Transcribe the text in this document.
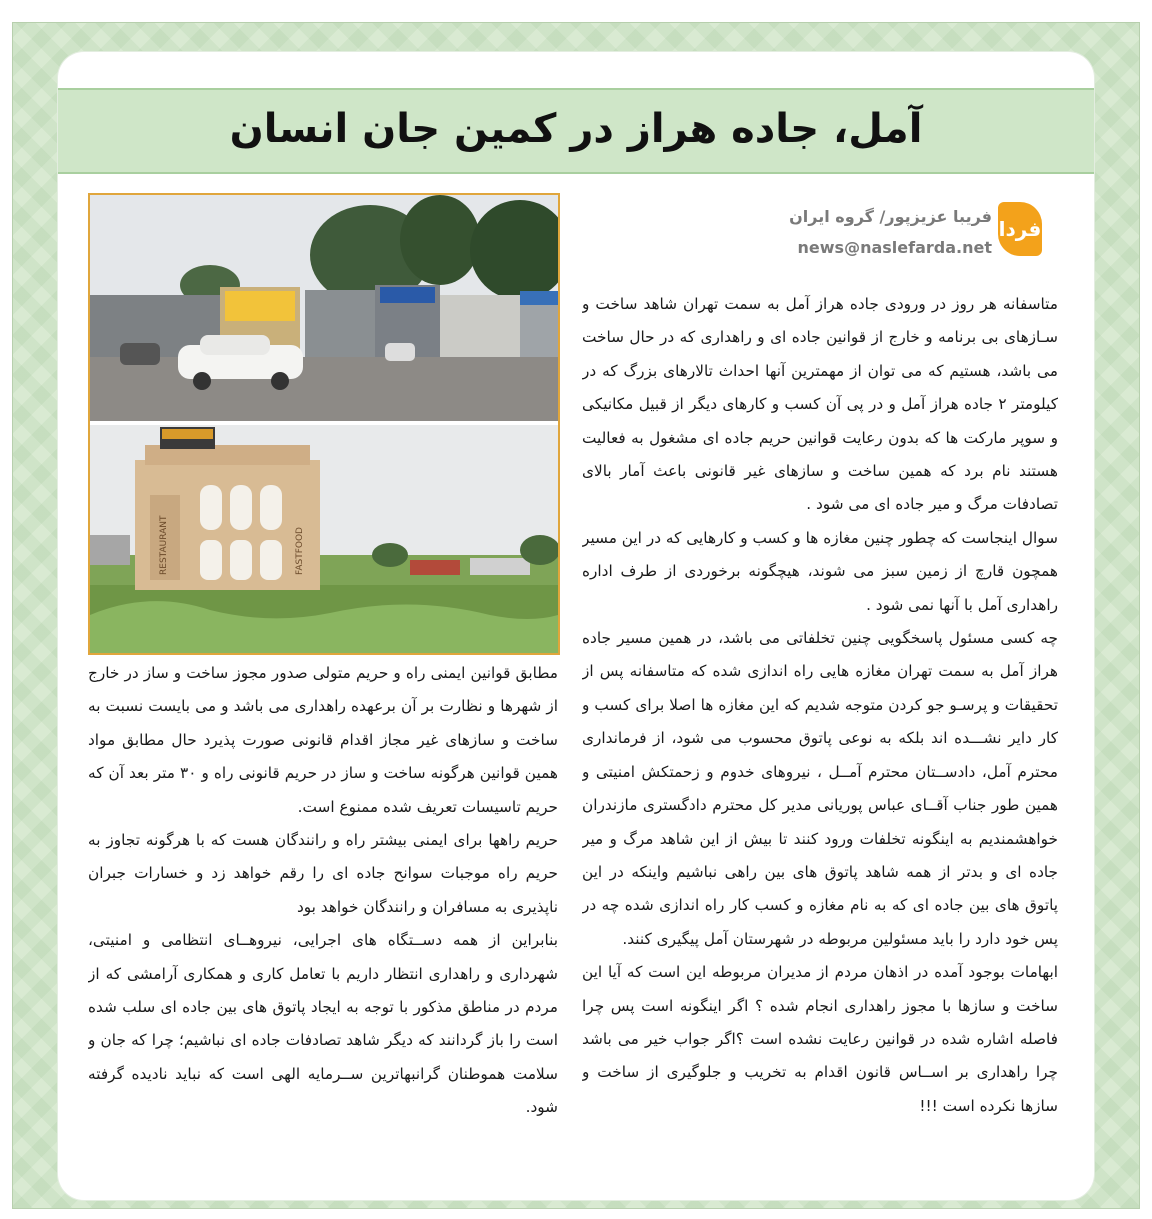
آمل، جاده هراز در کمین جان انسان
فردا
فریبا عزیزپور/ گروه ایران
news@naslefarda.net

متاسفانه هر روز در ورودی جاده هراز آمل به سمت تهران شاهد ساخت و سـازهای بی برنامه و خارج از قوانین جاده ای و راهداری که در حال ساخت می باشد، هستیم که می توان از مهمترین آنها احداث تالارهای بزرگ که در کیلومتر ۲ جاده هراز آمل و در پی آن کسب و کارهای دیگر از قبیل مکانیکی و سوپر مارکت ها که بدون رعایت قوانین حریم جاده ای مشغول به فعالیت هستند نام برد که همین ساخت و سازهای غیر قانونی باعث آمار بالای تصادفات مرگ و میر جاده ای می شود .

سوال اینجاست که چطور چنین مغازه ها و کسب و کارهایی که در این مسیر همچون قارچ از زمین سبز می شوند، هیچگونه برخوردی از طرف اداره راهداری آمل با آنها نمی شود .

چه کسی مسئول پاسخگویی چنین تخلفاتی می باشد، در همین مسیر جاده هراز آمل به سمت تهران مغازه هایی راه اندازی شده که متاسفانه پس از تحقیقات و پرسـو جو کردن متوجه شدیم که این مغازه ها اصلا برای کسب و کار دایر نشـــده اند بلکه به نوعی پاتوق محسوب می شود، از فرمانداری محترم آمل، دادســتان محترم آمــل ، نیروهای خدوم و زحمتکش امنیتی و همین طور جناب آقــای عباس پوریانی مدیر کل محترم دادگستری مازندران خواهشمندیم به اینگونه تخلفات ورود کنند تا بیش از این شاهد مرگ و میر جاده ای و بدتر از همه شاهد پاتوق های بین راهی نباشیم واینکه در این پاتوق های بین جاده ای که به نام مغازه و کسب کار راه اندازی شده چه در پس خود دارد را باید مسئولین مربوطه در شهرستان آمل پیگیری کنند.

ابهامات بوجود آمده در اذهان مردم از مدیران مربوطه این است که آیا این ساخت و سازها با مجوز راهداری انجام شده ؟ اگر اینگونه است پس چرا فاصله اشاره شده در قوانین رعایت نشده است ؟اگر جواب خیر می باشد چرا راهداری بر اســاس قانون اقدام به تخریب و جلوگیری از ساخت و سازها نکرده است !!!

RESTAURANT	FASTFOOD

مطابق قوانین ایمنی راه و حریم متولی صدور مجوز ساخت و ساز در خارج از شهرها و نظارت بر آن برعهده راهداری می باشد و می بایست نسبت به ساخت و سازهای غیر مجاز اقدام قانونی صورت پذیرد حال مطابق مواد همین قوانین هرگونه ساخت و ساز در حریم قانونی راه و ۳۰ متر بعد آن که حریم تاسیسات تعریف شده ممنوع است.

حریم راهها برای ایمنی بیشتر راه و رانندگان هست که با هرگونه تجاوز به حریم راه موجبات سوانح جاده ای را رقم خواهد زد و خسارات جبران ناپذیری به مسافران و رانندگان خواهد بود

بنابراین از همه دســتگاه های اجرایی، نیروهــای انتظامی و امنیتی، شهرداری و راهداری انتظار داریم با تعامل کاری و همکاری آرامشی که از مردم در مناطق مذکور با توجه به ایجاد پاتوق های بین جاده ای سلب شده است را باز گردانند که دیگر شاهد تصادفات جاده ای نباشیم؛ چرا که جان و سلامت هموطنان گرانبهاترین ســرمایه الهی است که نباید نادیده گرفته شود.
